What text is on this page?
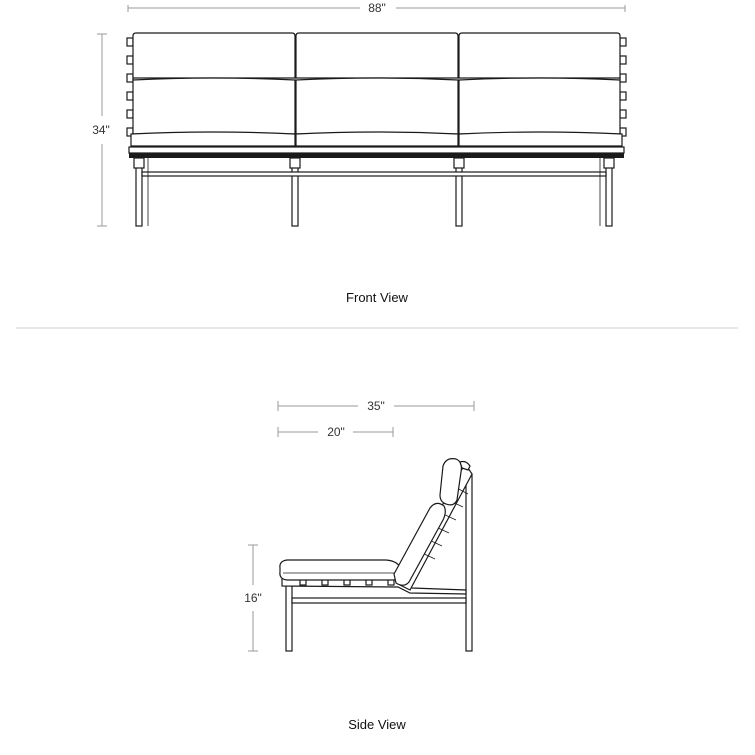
88"
34"
Front View
35"
20"
16"
Side View
